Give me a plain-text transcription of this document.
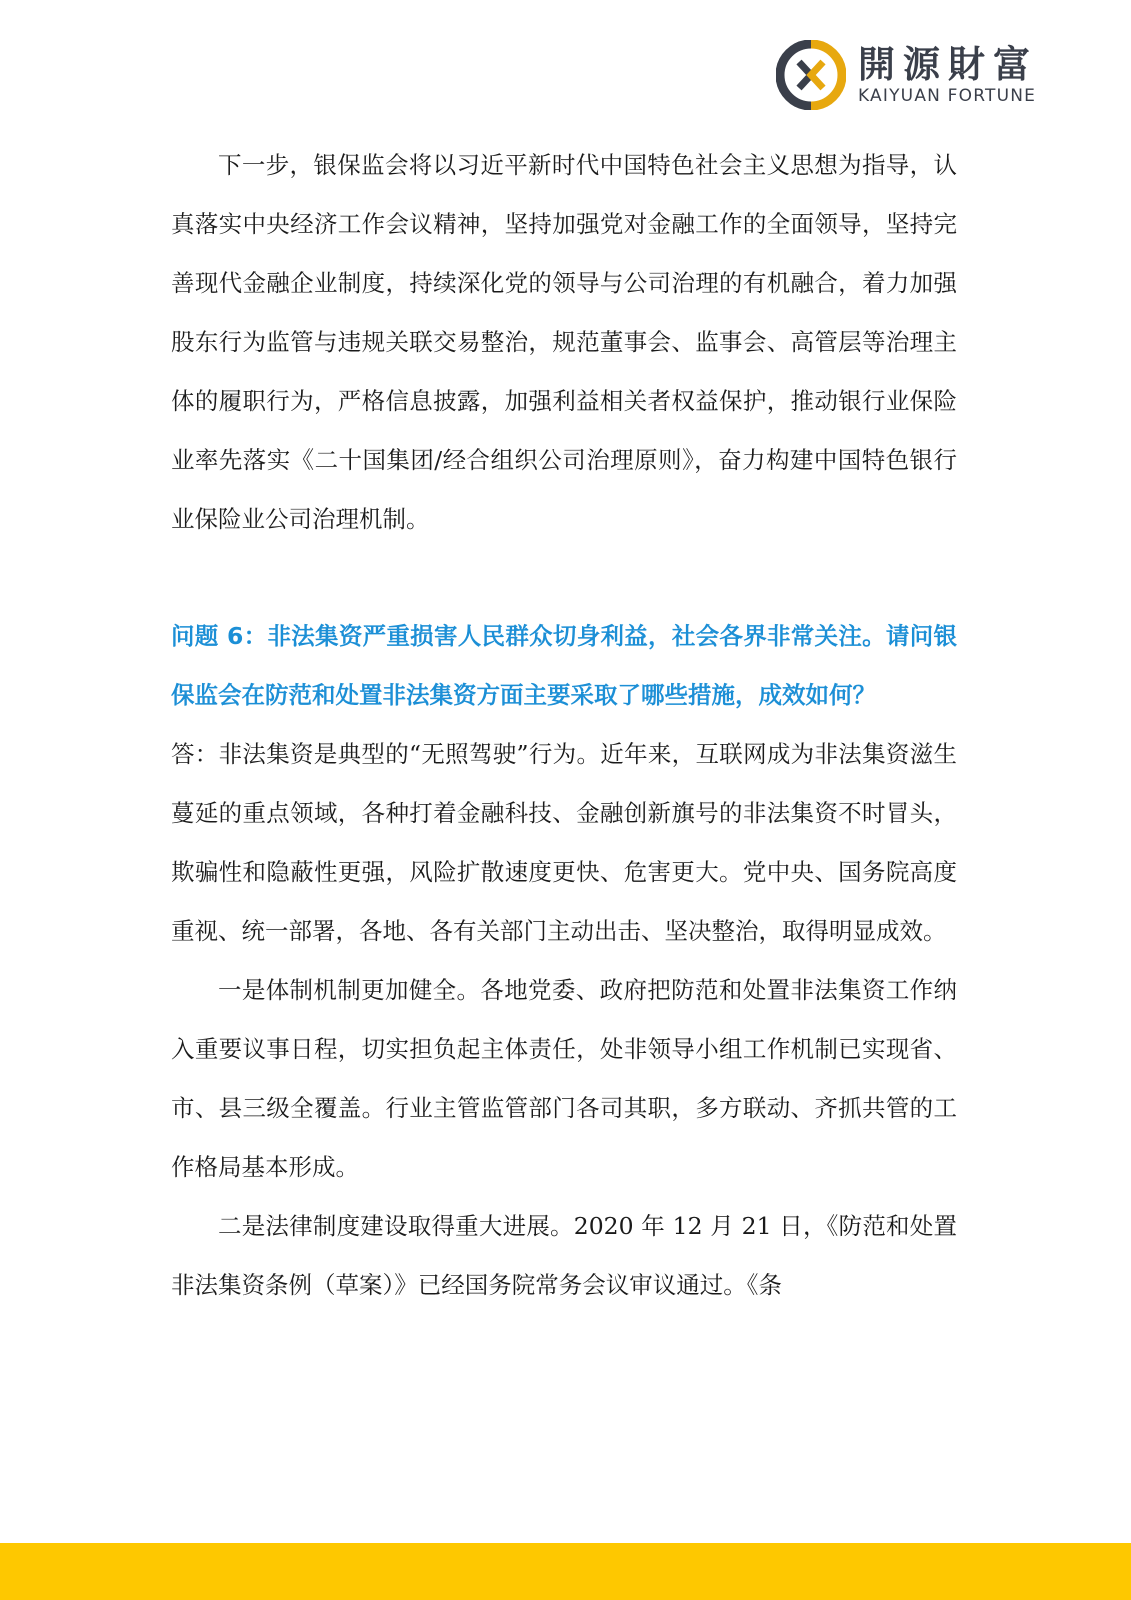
開源財富
KAIYUAN FORTUNE

下一步，银保监会将以习近平新时代中国特色社会主义思想为指导，认真落实中央经济工作会议精神，坚持加强党对金融工作的全面领导，坚持完善现代金融企业制度，持续深化党的领导与公司治理的有机融合，着力加强股东行为监管与违规关联交易整治，规范董事会、监事会、高管层等治理主体的履职行为，严格信息披露，加强利益相关者权益保护，推动银行业保险业率先落实《二十国集团/经合组织公司治理原则》，奋力构建中国特色银行业保险业公司治理机制。

问题 6：非法集资严重损害人民群众切身利益，社会各界非常关注。请问银保监会在防范和处置非法集资方面主要采取了哪些措施，成效如何？

答：非法集资是典型的“无照驾驶”行为。近年来，互联网成为非法集资滋生蔓延的重点领域，各种打着金融科技、金融创新旗号的非法集资不时冒头，欺骗性和隐蔽性更强，风险扩散速度更快、危害更大。党中央、国务院高度重视、统一部署，各地、各有关部门主动出击、坚决整治，取得明显成效。

一是体制机制更加健全。各地党委、政府把防范和处置非法集资工作纳入重要议事日程，切实担负起主体责任，处非领导小组工作机制已实现省、市、县三级全覆盖。行业主管监管部门各司其职，多方联动、齐抓共管的工作格局基本形成。

二是法律制度建设取得重大进展。2020 年 12 月 21 日，《防范和处置非法集资条例（草案）》已经国务院常务会议审议通过。《条
